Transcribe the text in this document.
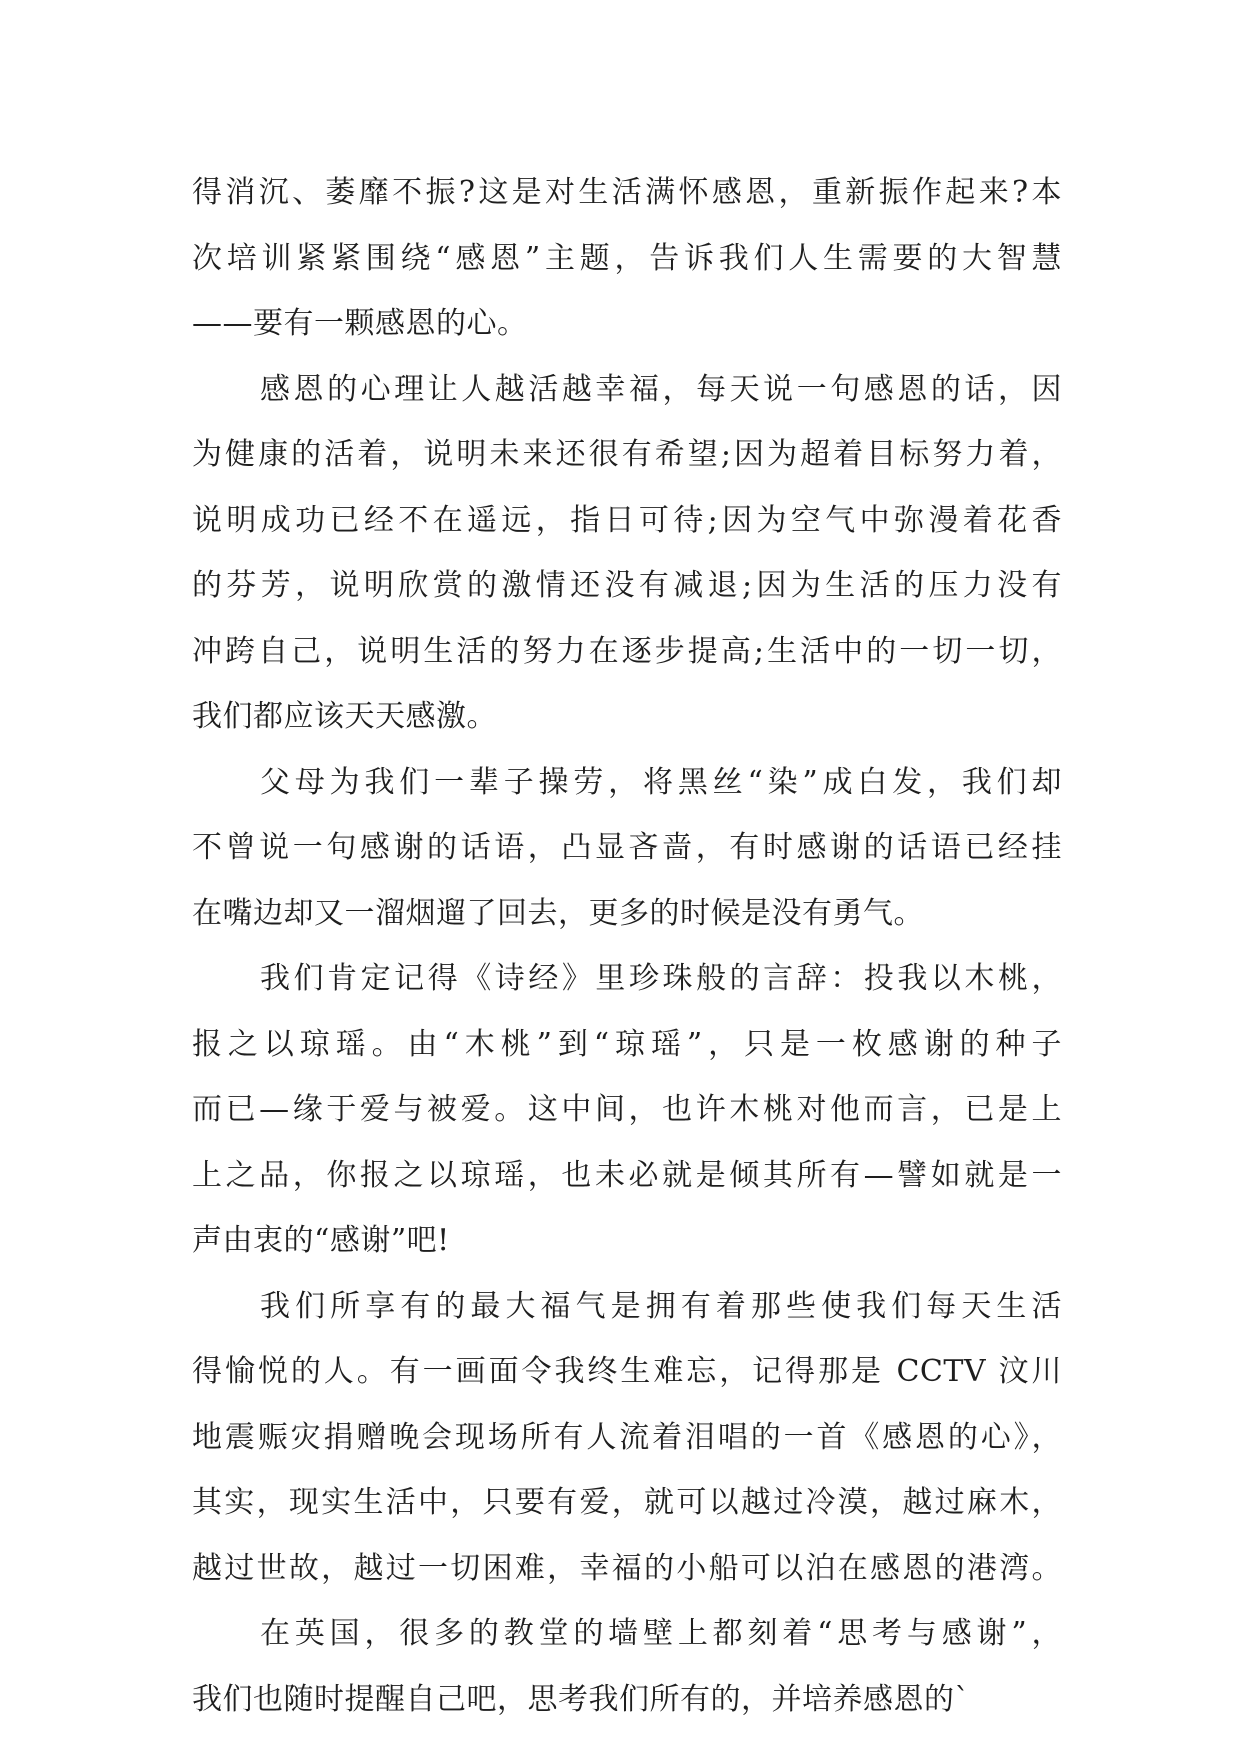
得消沉、萎靡不振?这是对生活满怀感恩，重新振作起来?本
次培训紧紧围绕“感恩”主题，告诉我们人生需要的大智慧
——要有一颗感恩的心。
感恩的心理让人越活越幸福，每天说一句感恩的话，因
为健康的活着，说明未来还很有希望;因为超着目标努力着，
说明成功已经不在遥远，指日可待;因为空气中弥漫着花香
的芬芳，说明欣赏的激情还没有减退;因为生活的压力没有
冲跨自己，说明生活的努力在逐步提高;生活中的一切一切，
我们都应该天天感激。
父母为我们一辈子操劳，将黑丝“染”成白发，我们却
不曾说一句感谢的话语，凸显吝啬，有时感谢的话语已经挂
在嘴边却又一溜烟遛了回去，更多的时候是没有勇气。
我们肯定记得《诗经》里珍珠般的言辞：投我以木桃，
报之以琼瑶。由“木桃”到“琼瑶”，只是一枚感谢的种子
而已—缘于爱与被爱。这中间，也许木桃对他而言，已是上
上之品，你报之以琼瑶，也未必就是倾其所有—譬如就是一
声由衷的“感谢”吧!
我们所享有的最大福气是拥有着那些使我们每天生活
得愉悦的人。有一画面令我终生难忘，记得那是 CCTV 汶川
地震赈灾捐赠晚会现场所有人流着泪唱的一首《感恩的心》，
其实，现实生活中，只要有爱，就可以越过冷漠，越过麻木，
越过世故，越过一切困难，幸福的小船可以泊在感恩的港湾。
在英国，很多的教堂的墙壁上都刻着“思考与感谢”，
我们也随时提醒自己吧，思考我们所有的，并培养感恩的`
